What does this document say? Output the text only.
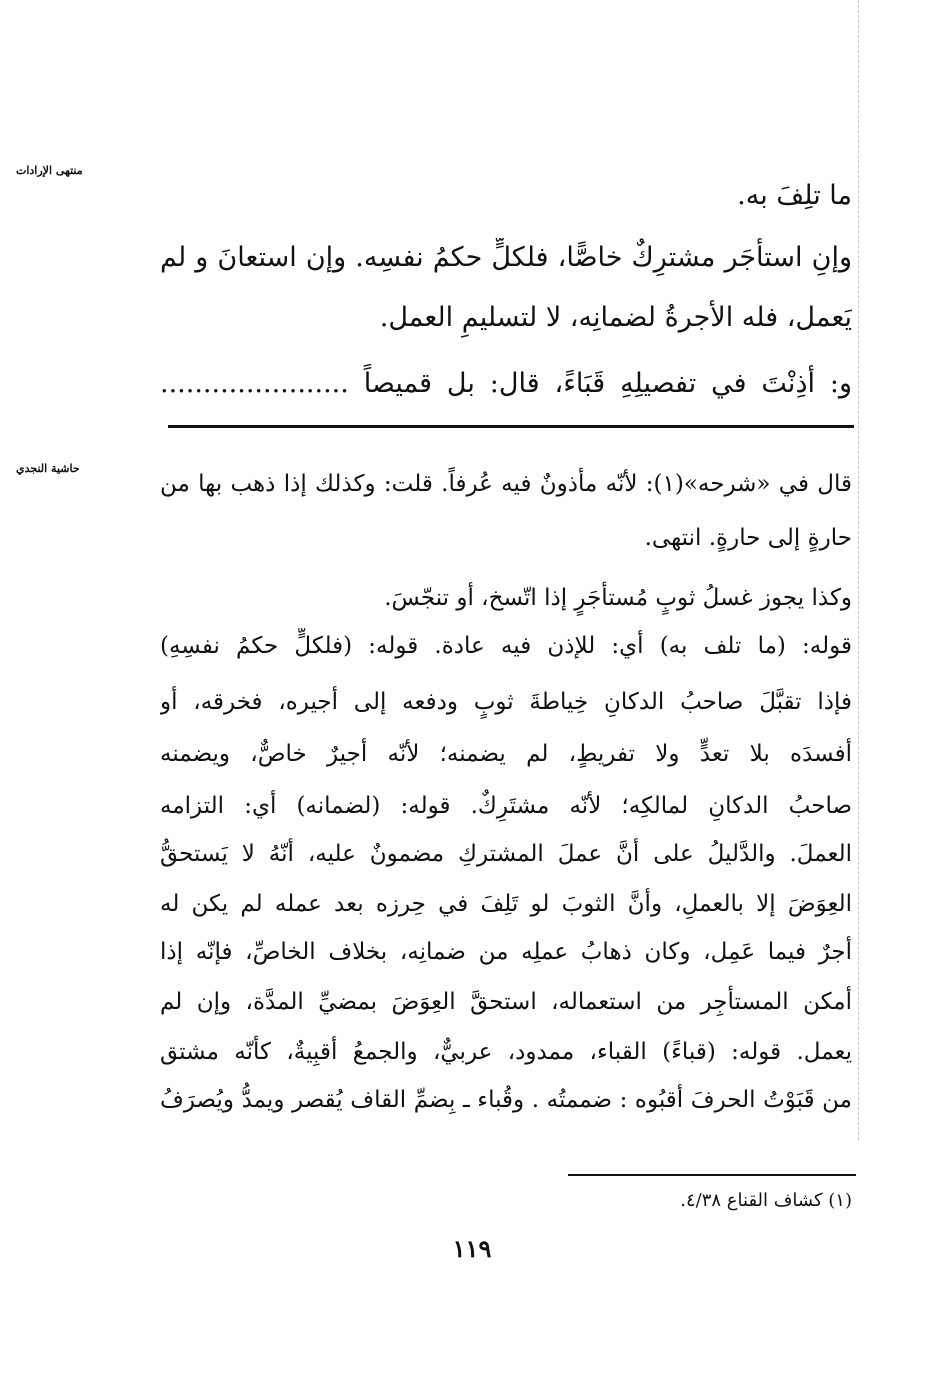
منتهى الإرادات
حاشية النجدي
ما تلِفَ به.
وإنِ استأجَر مشترِكٌ خاصًّا، فلكلٍّ حكمُ نفسِه. وإن استعانَ و لم
يَعمل، فله الأجرةُ لضمانِه، لا لتسليمِ العمل.
و: أذِنْتَ في تفصيلِهِ قَبَاءً، قال: بل قميصاً ......................
قال في «شرحه»(١): لأنّه مأذونٌ فيه عُرفاً. قلت: وكذلك إذا ذهب بها من
حارةٍ إلى حارةٍ. انتهى.
وكذا يجوز غسلُ ثوبٍ مُستأجَرٍ إذا اتّسخ، أو تنجّسَ.
قوله: (ما تلف به) أي: للإذن فيه عادة. قوله: (فلكلٍّ حكمُ نفسِهِ)
فإذا تقبَّلَ صاحبُ الدكانِ خِياطةَ ثوبٍ ودفعه إلى أجيره، فخرقه، أو
أفسدَه بلا تعدٍّ ولا تفريطٍ، لم يضمنه؛ لأنّه أجيرٌ خاصٌّ، ويضمنه
صاحبُ الدكانِ لمالكِه؛ لأنّه مشتَرِكٌ. قوله: (لضمانه) أي: التزامه
العملَ. والدَّليلُ على أنَّ عملَ المشتركِ مضمونٌ عليه، أنّهُ لا يَستحقُّ
العِوَضَ إلا بالعملِ، وأنَّ الثوبَ لو تَلِفَ في حِرزه بعد عمله لم يكن له
أجرٌ فيما عَمِل، وكان ذهابُ عملِه من ضمانِه، بخلاف الخاصِّ، فإنّه إذا
أمكن المستأجِر من استعماله، استحقَّ العِوَضَ بمضيِّ المدَّة، وإن لم
يعمل. قوله: (قباءً) القباء، ممدود، عربيٌّ، والجمعُ أقبِيةٌ، كأنّه مشتق
من قَبَوْتُ الحرفَ أقبُوه : ضممتُه . وقُباء ـ بِضمِّ القاف يُقصر ويمدُّ ويُصرَفُ
(١) كشاف القناع ٤/٣٨.
١١٩
